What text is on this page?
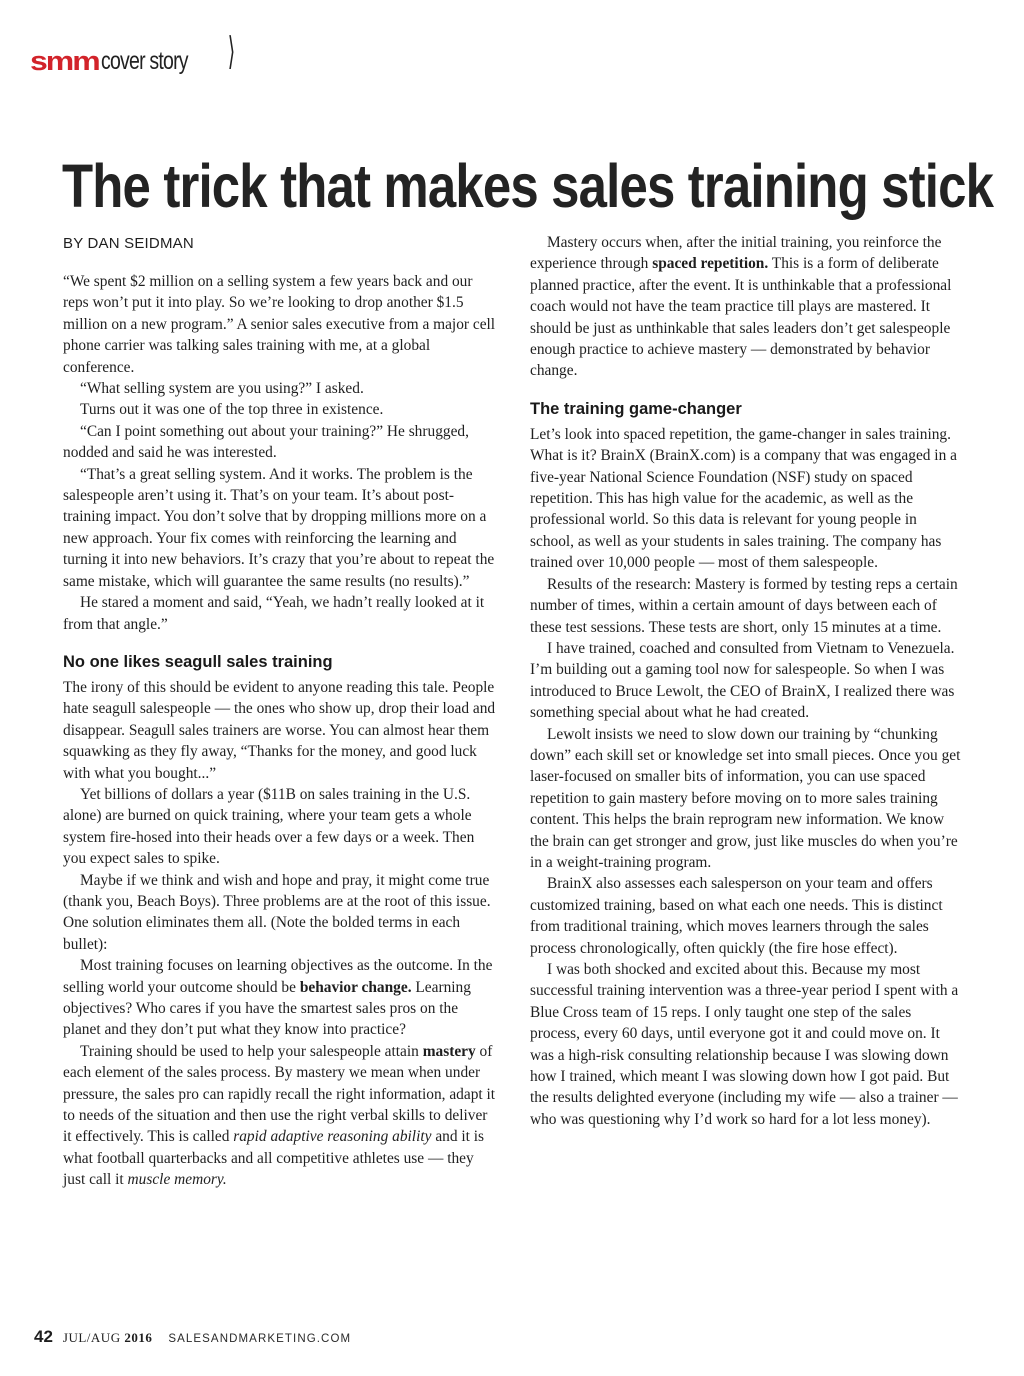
smm cover story ⟩
The trick that makes sales training stick
BY DAN SEIDMAN

“We spent $2 million on a selling system a few years back and our reps won’t put it into play. So we’re looking to drop another $1.5 million on a new program.” A senior sales executive from a major cell phone carrier was talking sales training with me, at a global conference.

“What selling system are you using?” I asked.

Turns out it was one of the top three in existence.

“Can I point something out about your training?” He shrugged, nodded and said he was interested.

“That’s a great selling system. And it works. The problem is the salespeople aren’t using it. That’s on your team. It’s about post-training impact. You don’t solve that by dropping millions more on a new approach. Your fix comes with reinforcing the learning and turning it into new behaviors. It’s crazy that you’re about to repeat the same mistake, which will guarantee the same results (no results).”

He stared a moment and said, “Yeah, we hadn’t really looked at it from that angle.”

No one likes seagull sales training

The irony of this should be evident to anyone reading this tale. People hate seagull salespeople — the ones who show up, drop their load and disappear. Seagull sales trainers are worse. You can almost hear them squawking as they fly away, “Thanks for the money, and good luck with what you bought...”

Yet billions of dollars a year ($11B on sales training in the U.S. alone) are burned on quick training, where your team gets a whole system fire-hosed into their heads over a few days or a week. Then you expect sales to spike.

Maybe if we think and wish and hope and pray, it might come true (thank you, Beach Boys). Three problems are at the root of this issue. One solution eliminates them all. (Note the bolded terms in each bullet):

Most training focuses on learning objectives as the outcome. In the selling world your outcome should be behavior change. Learning objectives? Who cares if you have the smartest sales pros on the planet and they don’t put what they know into practice?

Training should be used to help your salespeople attain mastery of each element of the sales process. By mastery we mean when under pressure, the sales pro can rapidly recall the right information, adapt it to needs of the situation and then use the right verbal skills to deliver it effectively. This is called rapid adaptive reasoning ability and it is what football quarterbacks and all competitive athletes use — they just call it muscle memory.

Mastery occurs when, after the initial training, you reinforce the experience through spaced repetition. This is a form of deliberate planned practice, after the event. It is unthinkable that a professional coach would not have the team practice till plays are mastered. It should be just as unthinkable that sales leaders don’t get salespeople enough practice to achieve mastery — demonstrated by behavior change.

The training game-changer

Let’s look into spaced repetition, the game-changer in sales training. What is it? BrainX (BrainX.com) is a company that was engaged in a five-year National Science Foundation (NSF) study on spaced repetition. This has high value for the academic, as well as the professional world. So this data is relevant for young people in school, as well as your students in sales training. The company has trained over 10,000 people — most of them salespeople.

Results of the research: Mastery is formed by testing reps a certain number of times, within a certain amount of days between each of these test sessions. These tests are short, only 15 minutes at a time.

I have trained, coached and consulted from Vietnam to Venezuela. I’m building out a gaming tool now for salespeople. So when I was introduced to Bruce Lewolt, the CEO of BrainX, I realized there was something special about what he had created.

Lewolt insists we need to slow down our training by “chunking down” each skill set or knowledge set into small pieces. Once you get laser-focused on smaller bits of information, you can use spaced repetition to gain mastery before moving on to more sales training content. This helps the brain reprogram new information. We know the brain can get stronger and grow, just like muscles do when you’re in a weight-training program.

BrainX also assesses each salesperson on your team and offers customized training, based on what each one needs. This is distinct from traditional training, which moves learners through the sales process chronologically, often quickly (the fire hose effect).

I was both shocked and excited about this. Because my most successful training intervention was a three-year period I spent with a Blue Cross team of 15 reps. I only taught one step of the sales process, every 60 days, until everyone got it and could move on. It was a high-risk consulting relationship because I was slowing down how I trained, which meant I was slowing down how I got paid. But the results delighted everyone (including my wife — also a trainer — who was questioning why I’d work so hard for a lot less money).

42 JUL/AUG 2016 SALESANDMARKETING.COM
